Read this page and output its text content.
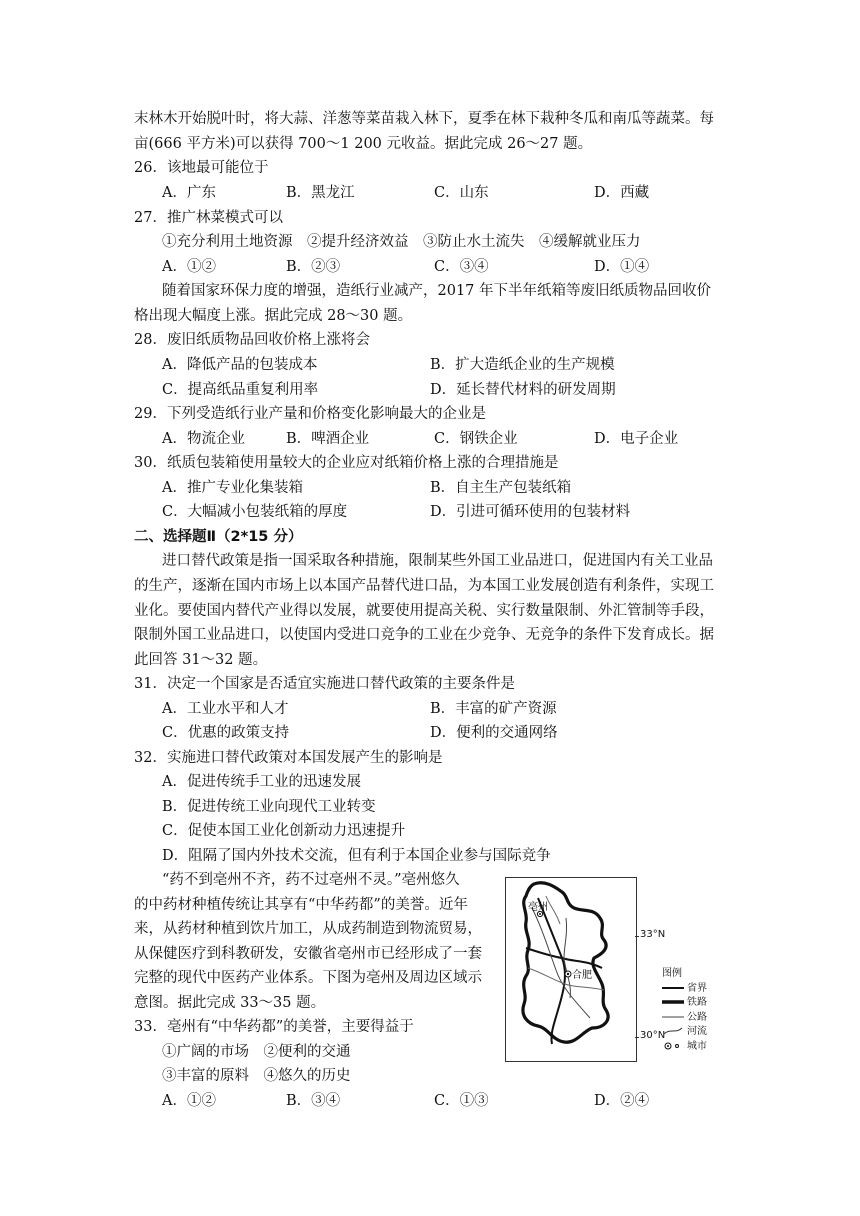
末林木开始脱叶时，将大蒜、洋葱等菜苗栽入林下，夏季在林下栽种冬瓜和南瓜等蔬菜。每
亩(666 平方米)可以获得 700～1 200 元收益。据此完成 26～27 题。
26．该地最可能位于
A．广东	B．黑龙江	C．山东	D．西藏
27．推广林菜模式可以
①充分利用土地资源　②提升经济效益　③防止水土流失　④缓解就业压力
A．①②	B．②③	C．③④	D．①④
随着国家环保力度的增强，造纸行业减产，2017 年下半年纸箱等废旧纸质物品回收价
格出现大幅度上涨。据此完成 28～30 题。
28．废旧纸质物品回收价格上涨将会
A．降低产品的包装成本	B．扩大造纸企业的生产规模
C．提高纸品重复利用率	D．延长替代材料的研发周期
29．下列受造纸行业产量和价格变化影响最大的企业是
A．物流企业	B．啤酒企业	C．钢铁企业	D．电子企业
30．纸质包装箱使用量较大的企业应对纸箱价格上涨的合理措施是
A．推广专业化集装箱	B．自主生产包装纸箱
C．大幅减小包装纸箱的厚度	D．引进可循环使用的包装材料
二、选择题Ⅱ（2*15 分）
进口替代政策是指一国采取各种措施，限制某些外国工业品进口，促进国内有关工业品
的生产，逐渐在国内市场上以本国产品替代进口品，为本国工业发展创造有利条件，实现工
业化。要使国内替代产业得以发展，就要使用提高关税、实行数量限制、外汇管制等手段，
限制外国工业品进口，以使国内受进口竞争的工业在少竞争、无竞争的条件下发育成长。据
此回答 31～32 题。
31．决定一个国家是否适宜实施进口替代政策的主要条件是
A．工业水平和人才	B．丰富的矿产资源
C．优惠的政策支持	D．便利的交通网络
32．实施进口替代政策对本国发展产生的影响是
A．促进传统手工业的迅速发展
B．促进传统工业向现代工业转变
C．促使本国工业化创新动力迅速提升
D．阻隔了国内外技术交流，但有利于本国企业参与国际竞争
“药不到亳州不齐，药不过亳州不灵。”亳州悠久
的中药材种植传统让其享有“中华药都”的美誉。近年
来，从药材种植到饮片加工，从成药制造到物流贸易，
从保健医疗到科教研发，安徽省亳州市已经形成了一套
完整的现代中医药产业体系。下图为亳州及周边区域示
意图。据此完成 33～35 题。
33．亳州有“中华药都”的美誉，主要得益于
①广阔的市场　②便利的交通
③丰富的原料　④悠久的历史
A．①②	B．③④	C．①③	D．②④
亳州
合肥
33°N
30°N
图例
省界
铁路
公路
河流
城市
